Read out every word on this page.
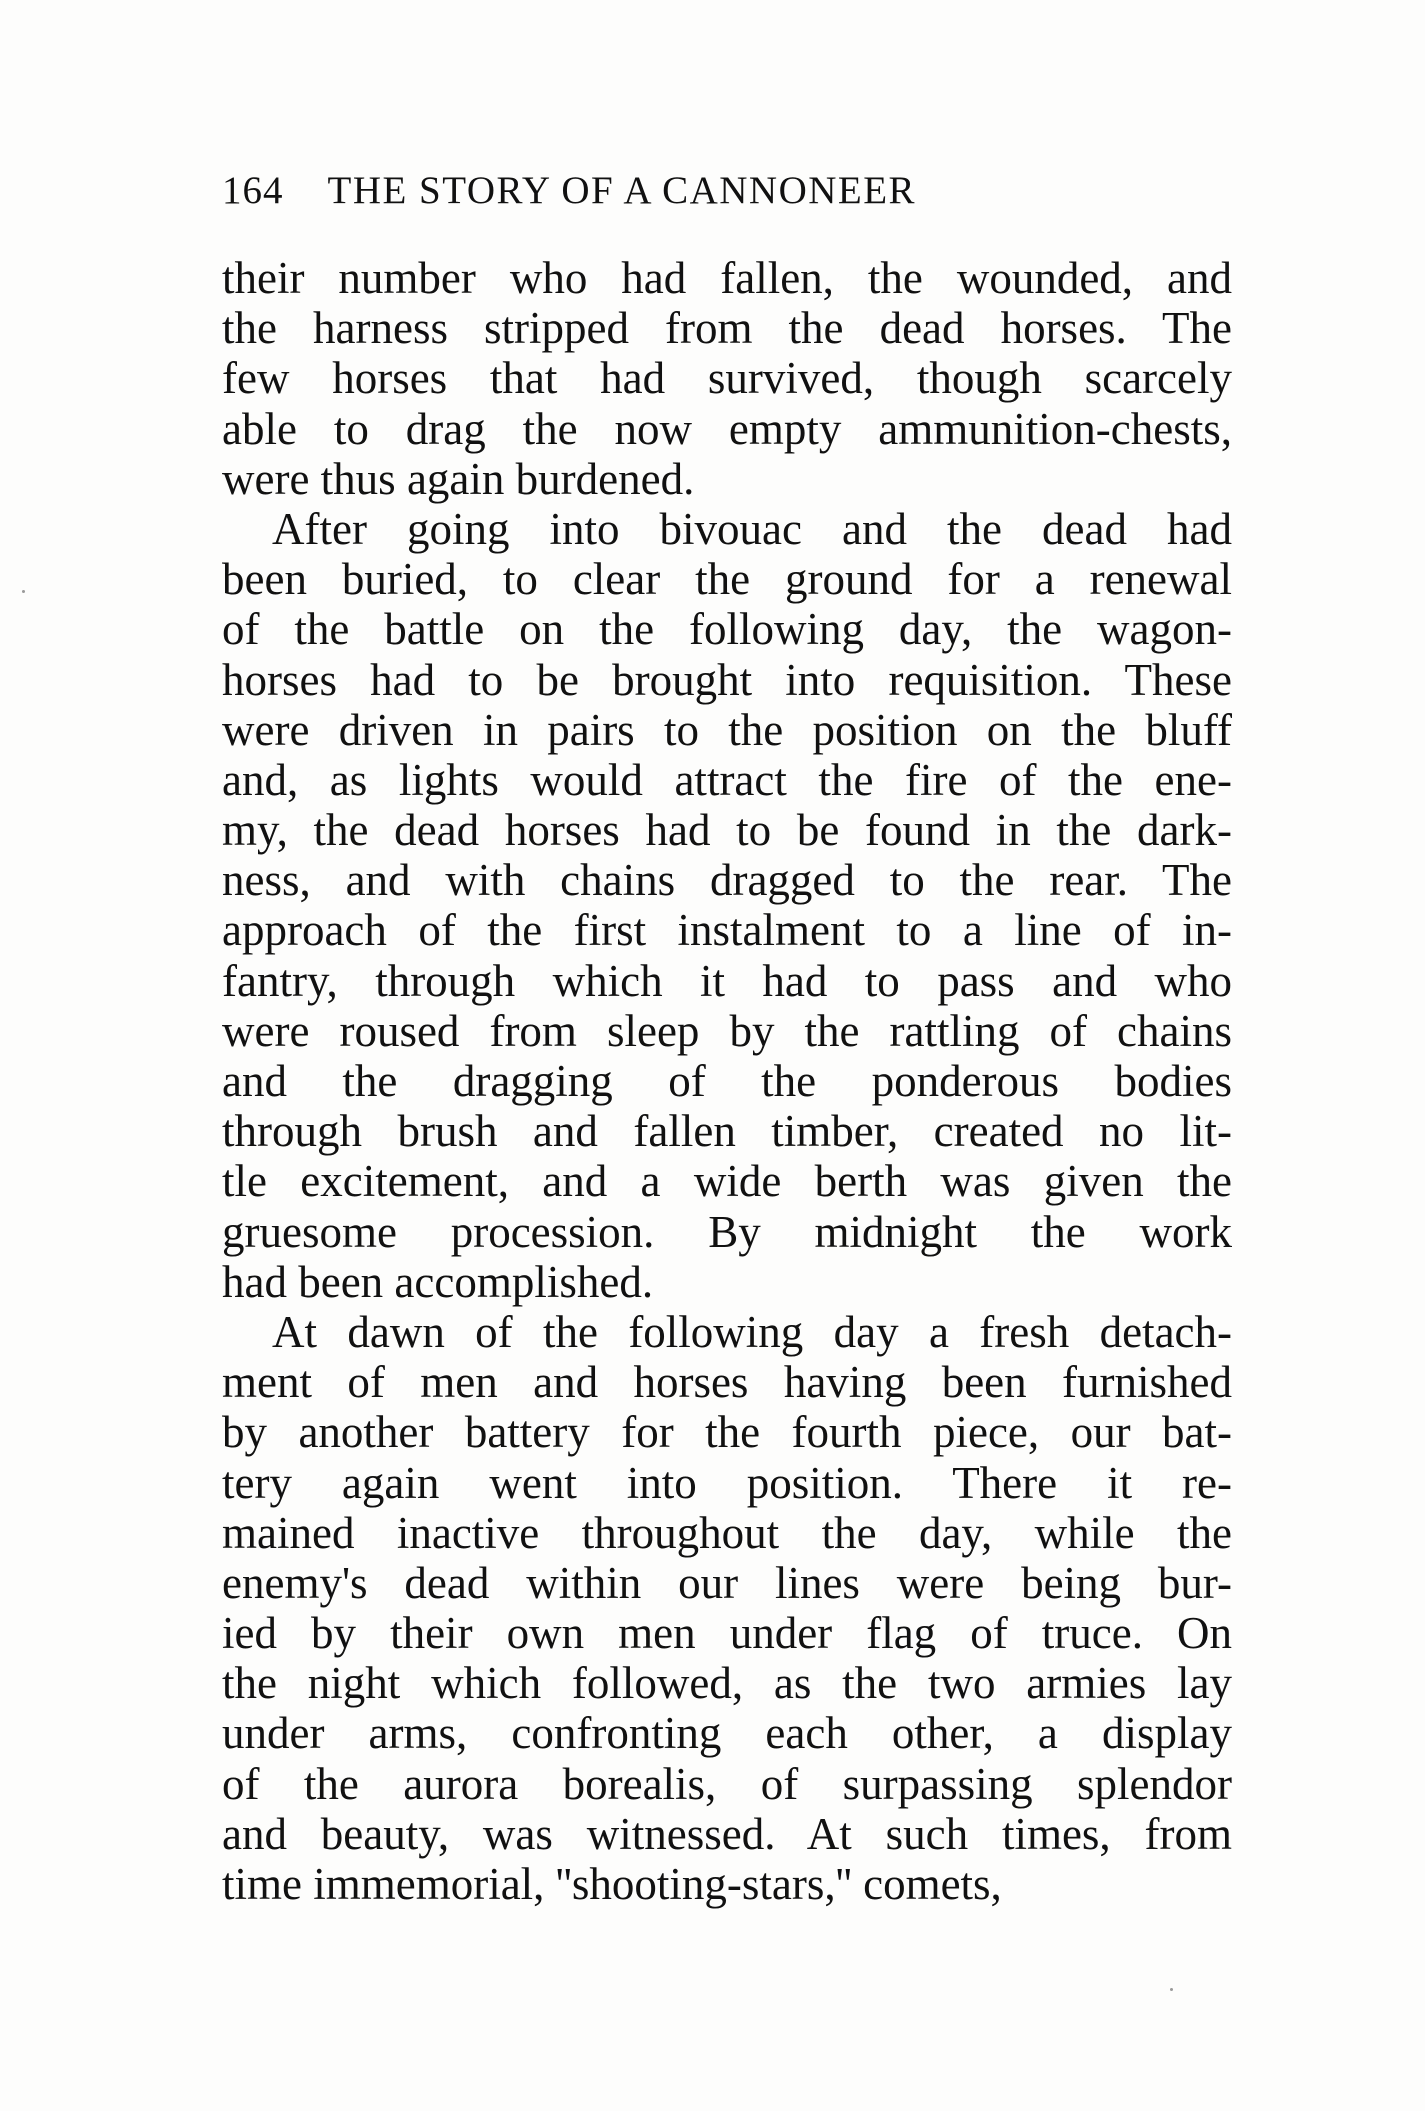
164 THE STORY OF A CANNONEER
their number who had fallen, the wounded, and
the harness stripped from the dead horses. The
few horses that had survived, though scarcely
able to drag the now empty ammunition-chests,
were thus again burdened.
After going into bivouac and the dead had
been buried, to clear the ground for a renewal
of the battle on the following day, the wagon-
horses had to be brought into requisition. These
were driven in pairs to the position on the bluff
and, as lights would attract the fire of the ene-
my, the dead horses had to be found in the dark-
ness, and with chains dragged to the rear. The
approach of the first instalment to a line of in-
fantry, through which it had to pass and who
were roused from sleep by the rattling of chains
and the dragging of the ponderous bodies
through brush and fallen timber, created no lit-
tle excitement, and a wide berth was given the
gruesome procession. By midnight the work
had been accomplished.
At dawn of the following day a fresh detach-
ment of men and horses having been furnished
by another battery for the fourth piece, our bat-
tery again went into position. There it re-
mained inactive throughout the day, while the
enemy's dead within our lines were being bur-
ied by their own men under flag of truce. On
the night which followed, as the two armies lay
under arms, confronting each other, a display
of the aurora borealis, of surpassing splendor
and beauty, was witnessed. At such times, from
time immemorial, ''shooting-stars,'' comets,
